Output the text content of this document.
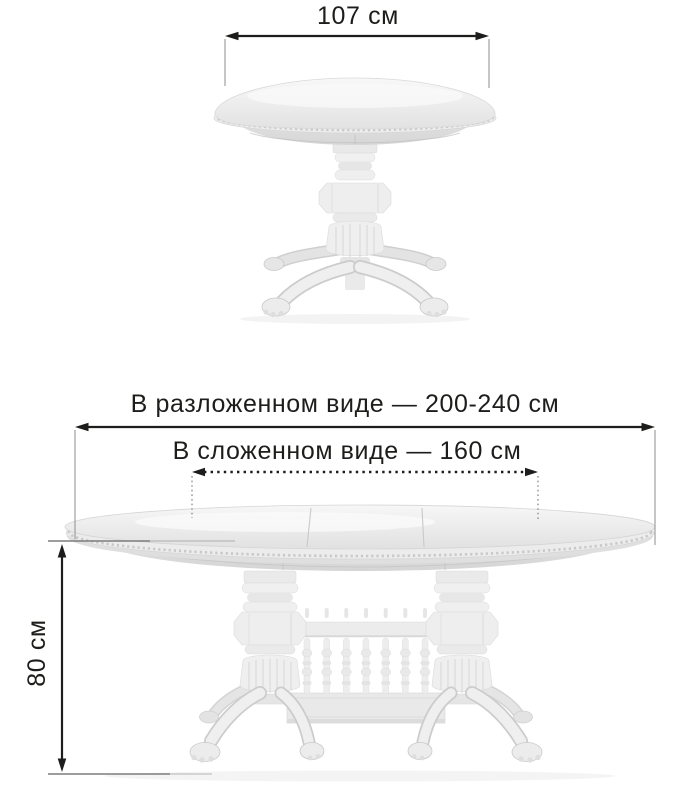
107 см
В разложенном виде — 200-240 см
В сложенном виде — 160 см
80 см
